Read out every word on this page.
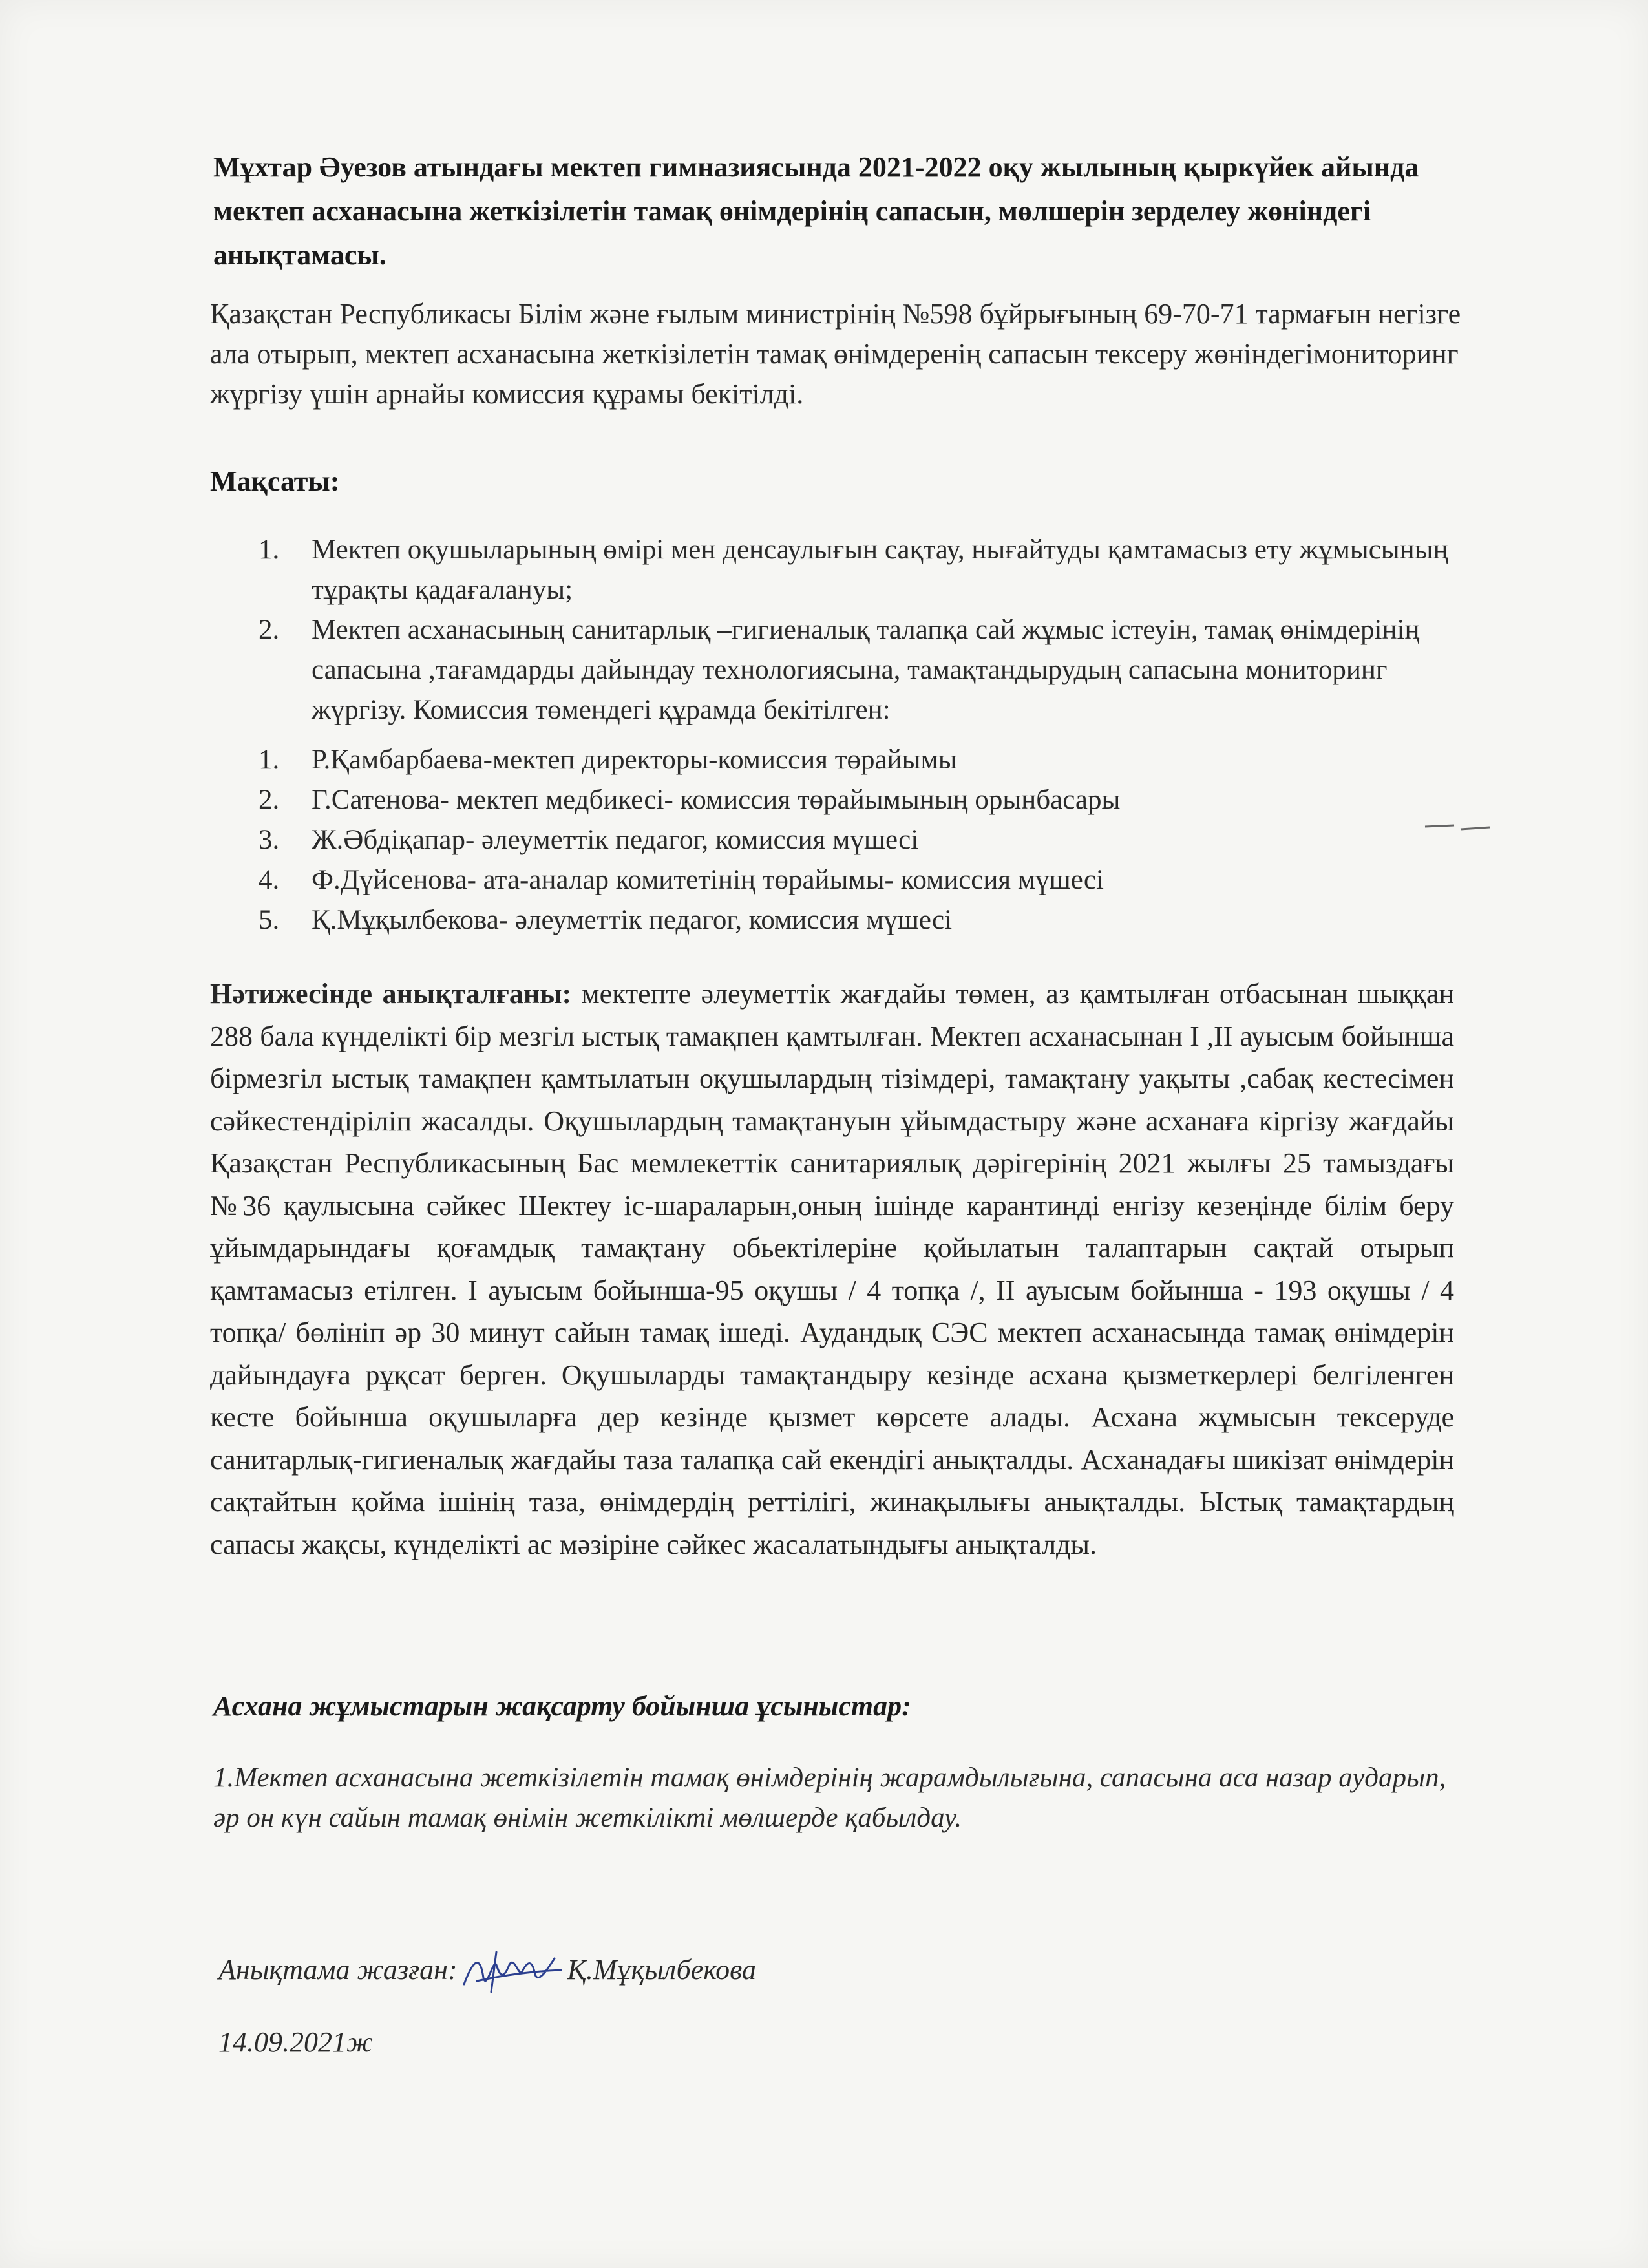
Мұхтар Әуезов атындағы мектеп гимназиясында 2021-2022 оқу жылының қыркүйек айында мектеп асханасына жеткізілетін тамақ өнімдерінің сапасын, мөлшерін зерделеу жөніндегі анықтамасы.
Қазақстан Республикасы Білім және ғылым министрінің №598 бұйрығының 69-70-71 тармағын негізге ала отырып, мектеп асханасына жеткізілетін тамақ өнімдеренің сапасын тексеру жөніндегімониторинг жүргізу үшін арнайы комиссия құрамы бекітілді.
Мақсаты:
1. Мектеп оқушыларының өмірі мен денсаулығын сақтау, нығайтуды қамтамасыз ету жұмысының тұрақты қадағалануы;
2. Мектеп асханасының санитарлық –гигиеналық талапқа сай жұмыс істеуін, тамақ өнімдерінің сапасына ,тағамдарды дайындау технологиясына, тамақтандырудың сапасына мониторинг жүргізу. Комиссия төмендегі құрамда бекітілген:
1. Р.Қамбарбаева-мектеп директоры-комиссия төрайымы
2. Г.Сатенова- мектеп медбикесі- комиссия төрайымының орынбасары
3. Ж.Әбдіқапар- әлеуметтік педагог, комиссия мүшесі
4. Ф.Дүйсенова- ата-аналар комитетінің төрайымы- комиссия мүшесі
5. Қ.Мұқылбекова- әлеуметтік педагог, комиссия мүшесі
Нәтижесінде анықталғаны: мектепте әлеуметтік жағдайы төмен, аз қамтылған отбасынан шыққан 288 бала күнделікті бір мезгіл ыстық тамақпен қамтылған. Мектеп асханасынан І ,ІІ ауысым бойынша бірмезгіл ыстық тамақпен қамтылатын оқушылардың тізімдері, тамақтану уақыты ,сабақ кестесімен сәйкестендіріліп жасалды. Оқушылардың тамақтануын ұйымдастыру және асханаға кіргізу жағдайы Қазақстан Республикасының Бас мемлекеттік санитариялық дәрігерінің 2021 жылғы 25 тамыздағы №36 қаулысына сәйкес Шектеу іс-шараларын,оның ішінде карантинді енгізу кезеңінде білім беру ұйымдарындағы қоғамдық тамақтану обьектілеріне қойылатын талаптарын сақтай отырып қамтамасыз етілген. І ауысым бойынша-95 оқушы / 4 топқа /, ІІ ауысым бойынша - 193 оқушы / 4 топқа/ бөлініп әр 30 минут сайын тамақ ішеді. Аудандық СЭС мектеп асханасында тамақ өнімдерін дайындауға рұқсат берген. Оқушыларды тамақтандыру кезінде асхана қызметкерлері белгіленген кесте бойынша оқушыларға дер кезінде қызмет көрсете алады. Асхана жұмысын тексеруде санитарлық-гигиеналық жағдайы таза талапқа сай екендігі анықталды. Асханадағы шикізат өнімдерін сақтайтын қойма ішінің таза, өнімдердің реттілігі, жинақылығы анықталды. Ыстық тамақтардың сапасы жақсы, күнделікті ас мәзіріне сәйкес жасалатындығы анықталды.
Асхана жұмыстарын жақсарту бойынша ұсыныстар:
1.Мектеп асханасына жеткізілетін тамақ өнімдерінің жарамдылығына, сапасына аса назар аударып, әр он күн сайын тамақ өнімін жеткілікті мөлшерде қабылдау.
Анықтама жазған:	Қ.Мұқылбекова
14.09.2021ж
